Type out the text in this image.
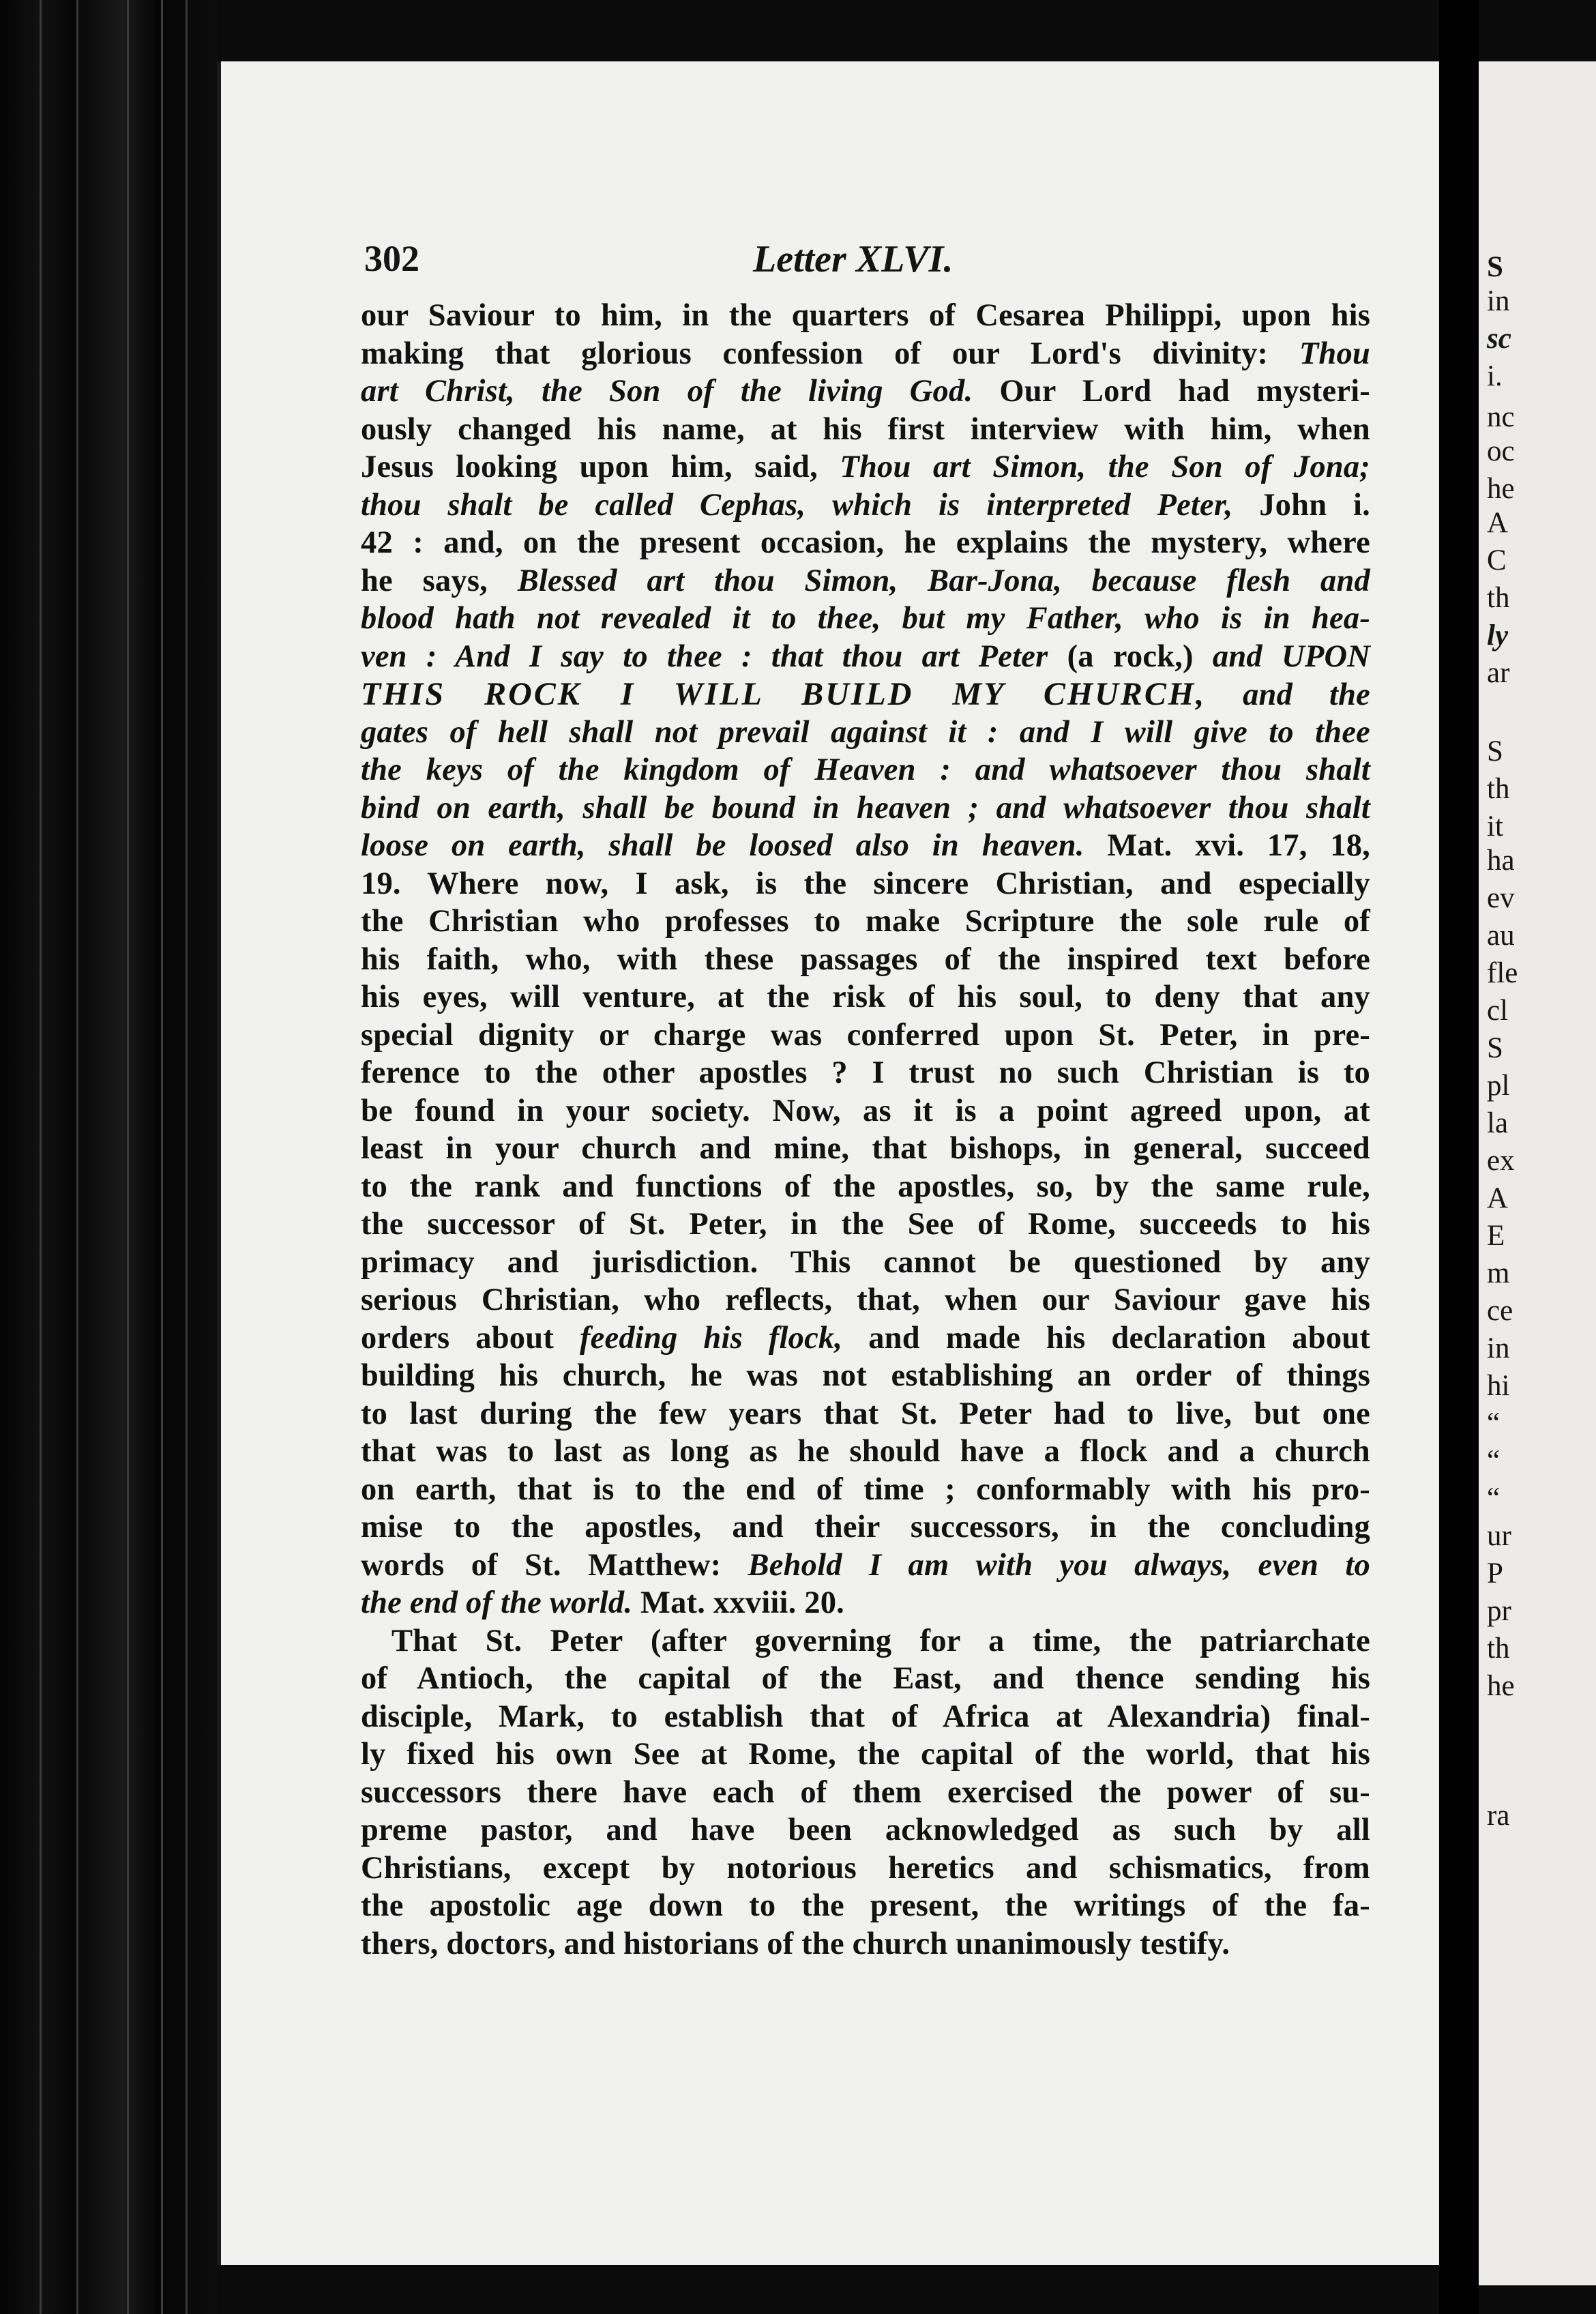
302	Letter XLVI.
our Saviour to him, in the quarters of Cesarea Philippi, upon his
making that glorious confession of our Lord's divinity: Thou
art Christ, the Son of the living God. Our Lord had mysteri-
ously changed his name, at his first interview with him, when
Jesus looking upon him, said, Thou art Simon, the Son of Jona;
thou shalt be called Cephas, which is interpreted Peter, John i.
42 : and, on the present occasion, he explains the mystery, where
he says, Blessed art thou Simon, Bar-Jona, because flesh and
blood hath not revealed it to thee, but my Father, who is in hea-
ven : And I say to thee : that thou art Peter (a rock,) and UPON
THIS ROCK I WILL BUILD MY CHURCH, and the
gates of hell shall not prevail against it : and I will give to thee
the keys of the kingdom of Heaven : and whatsoever thou shalt
bind on earth, shall be bound in heaven ; and whatsoever thou shalt
loose on earth, shall be loosed also in heaven. Mat. xvi. 17, 18,
19. Where now, I ask, is the sincere Christian, and especially
the Christian who professes to make Scripture the sole rule of
his faith, who, with these passages of the inspired text before
his eyes, will venture, at the risk of his soul, to deny that any
special dignity or charge was conferred upon St. Peter, in pre-
ference to the other apostles ? I trust no such Christian is to
be found in your society. Now, as it is a point agreed upon, at
least in your church and mine, that bishops, in general, succeed
to the rank and functions of the apostles, so, by the same rule,
the successor of St. Peter, in the See of Rome, succeeds to his
primacy and jurisdiction. This cannot be questioned by any
serious Christian, who reflects, that, when our Saviour gave his
orders about feeding his flock, and made his declaration about
building his church, he was not establishing an order of things
to last during the few years that St. Peter had to live, but one
that was to last as long as he should have a flock and a church
on earth, that is to the end of time ; conformably with his pro-
mise to the apostles, and their successors, in the concluding
words of St. Matthew: Behold I am with you always, even to
the end of the world. Mat. xxviii. 20.
That St. Peter (after governing for a time, the patriarchate
of Antioch, the capital of the East, and thence sending his
disciple, Mark, to establish that of Africa at Alexandria) final-
ly fixed his own See at Rome, the capital of the world, that his
successors there have each of them exercised the power of su-
preme pastor, and have been acknowledged as such by all
Christians, except by notorious heretics and schismatics, from
the apostolic age down to the present, the writings of the fa-
thers, doctors, and historians of the church unanimously testify.
S
in
sc
i.
nc
oc
he
A
C
th
ly
ar
S
th
it
ha
ev
au
fle
cl
S
pl
la
ex
A
E
m
ce
in
hi
“
“
“
ur
P
pr
th
he
ra
